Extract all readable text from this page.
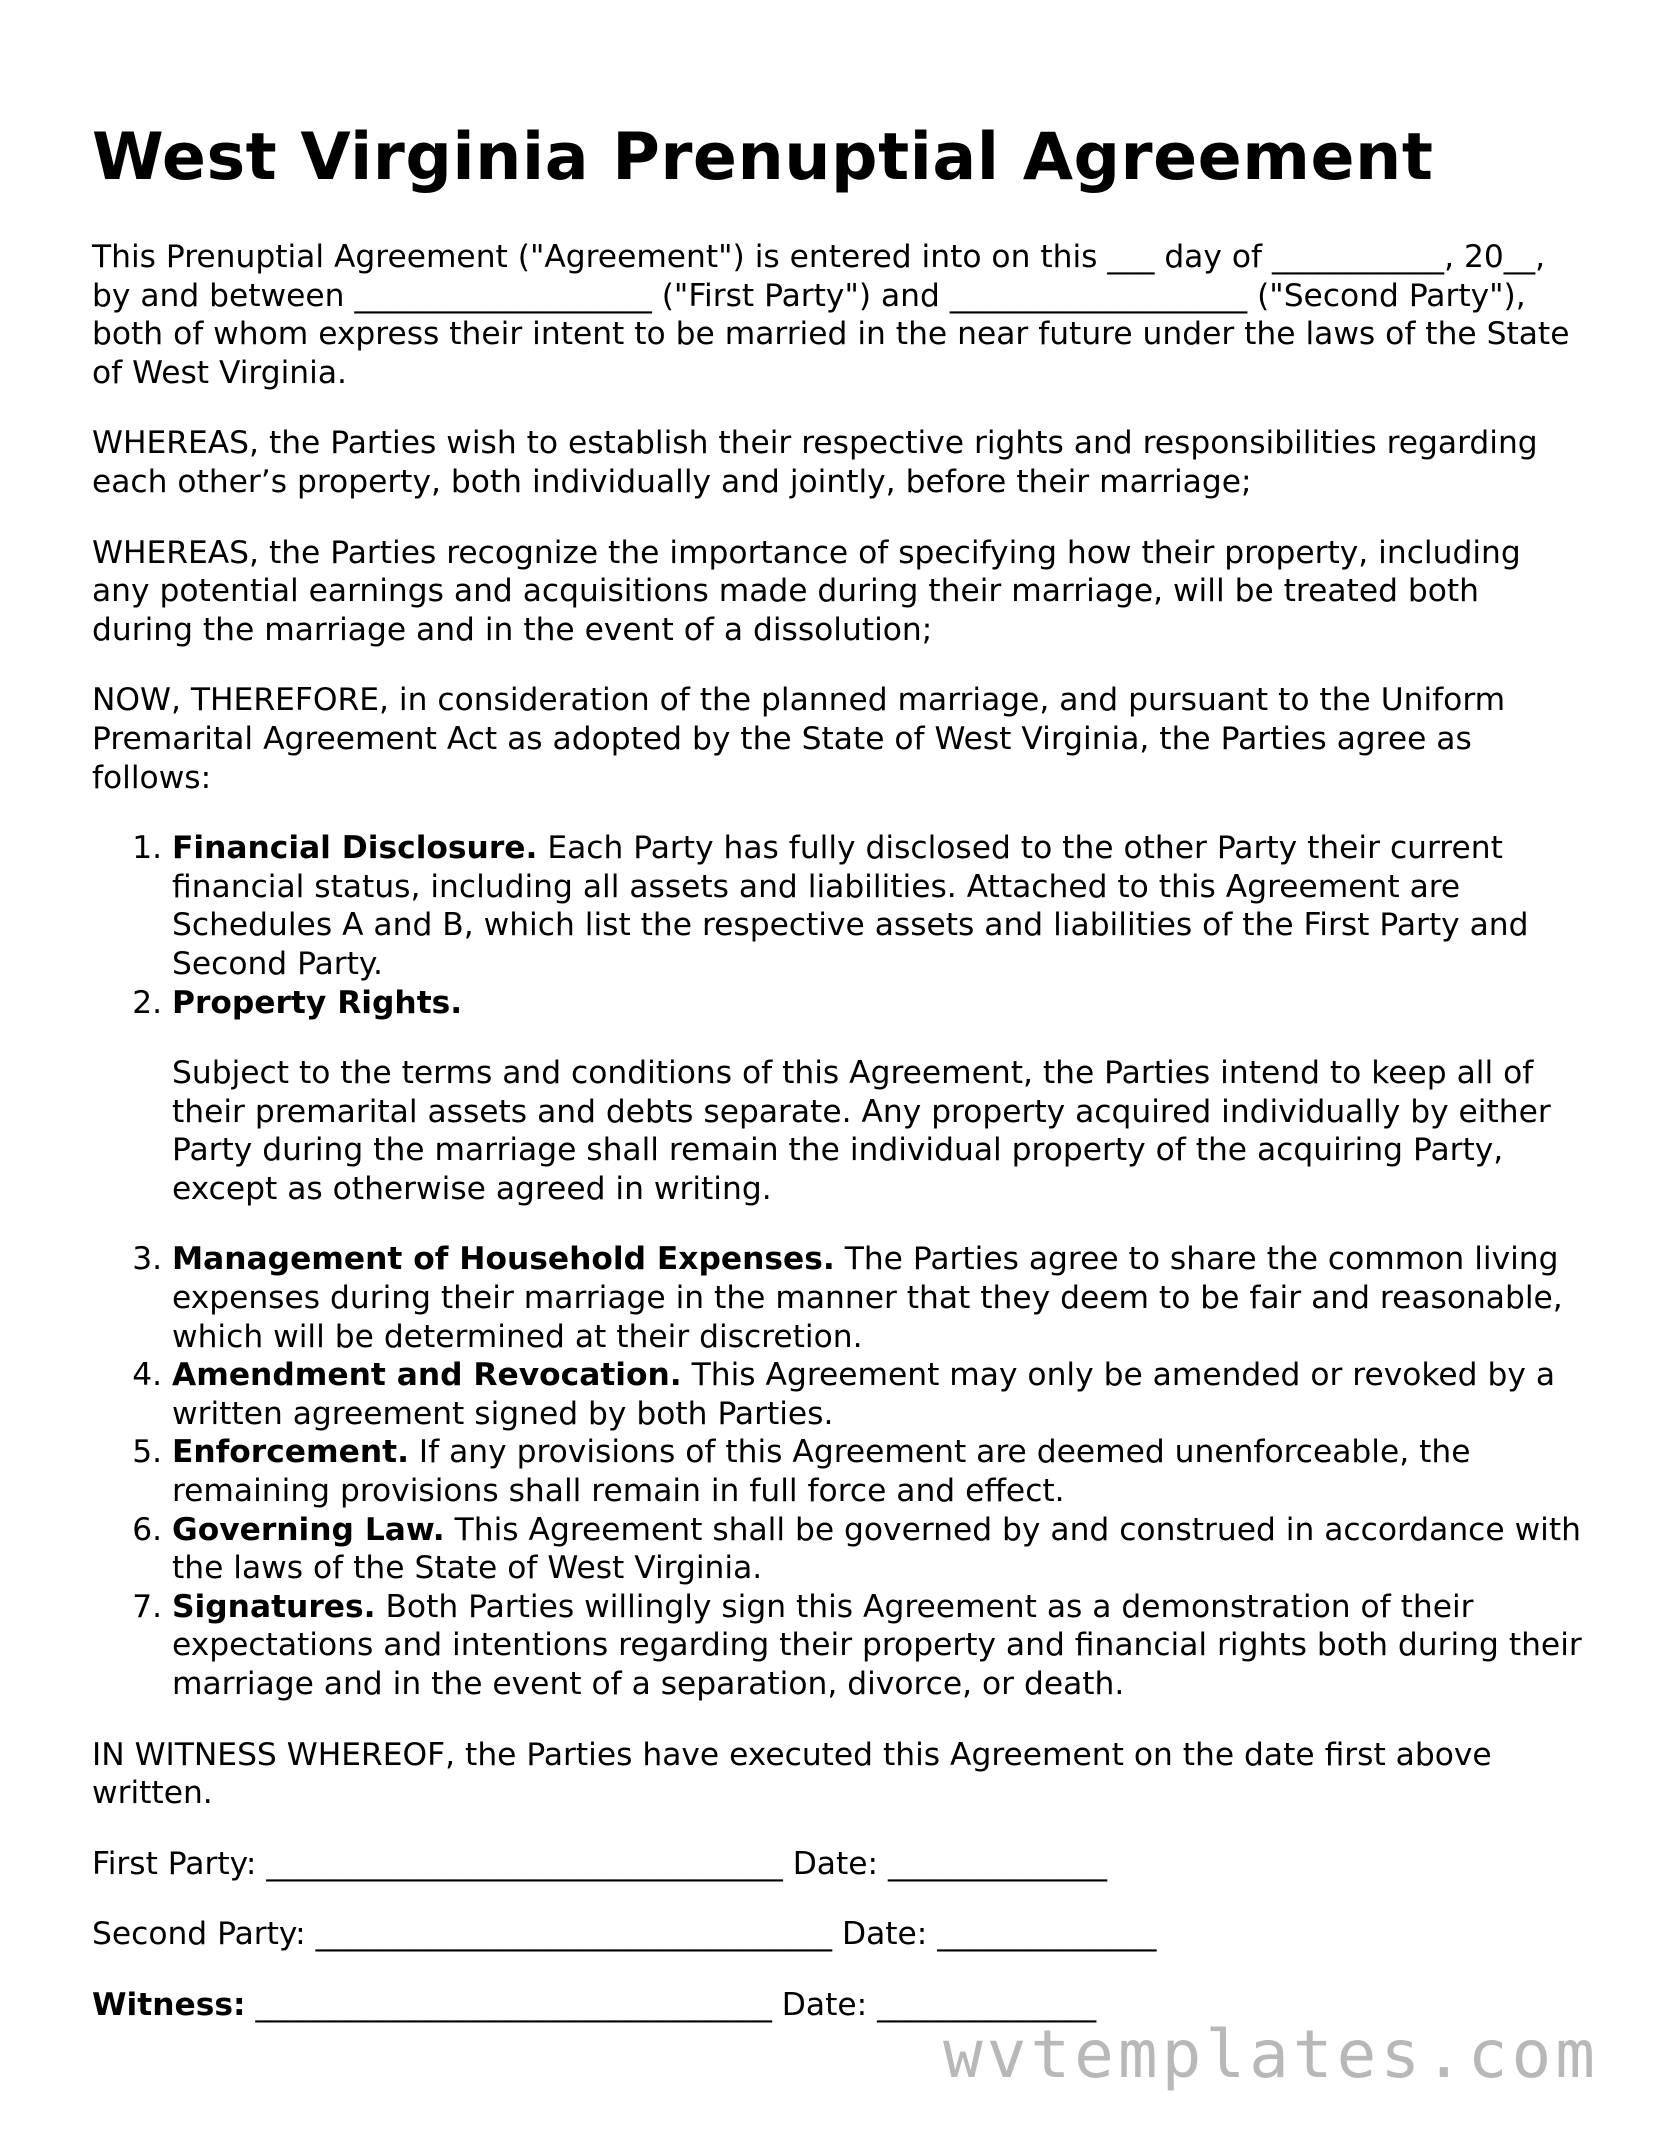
West Virginia Prenuptial Agreement

This Prenuptial Agreement ("Agreement") is entered into on this ___ day of ___________, 20__, by and between ___________________ ("First Party") and ___________________ ("Second Party"), both of whom express their intent to be married in the near future under the laws of the State of West Virginia.

WHEREAS, the Parties wish to establish their respective rights and responsibilities regarding each other’s property, both individually and jointly, before their marriage;

WHEREAS, the Parties recognize the importance of specifying how their property, including any potential earnings and acquisitions made during their marriage, will be treated both during the marriage and in the event of a dissolution;

NOW, THEREFORE, in consideration of the planned marriage, and pursuant to the Uniform Premarital Agreement Act as adopted by the State of West Virginia, the Parties agree as follows:

1. Financial Disclosure. Each Party has fully disclosed to the other Party their current financial status, including all assets and liabilities. Attached to this Agreement are Schedules A and B, which list the respective assets and liabilities of the First Party and Second Party.
2. Property Rights.
Subject to the terms and conditions of this Agreement, the Parties intend to keep all of their premarital assets and debts separate. Any property acquired individually by either Party during the marriage shall remain the individual property of the acquiring Party, except as otherwise agreed in writing.
3. Management of Household Expenses. The Parties agree to share the common living expenses during their marriage in the manner that they deem to be fair and reasonable, which will be determined at their discretion.
4. Amendment and Revocation. This Agreement may only be amended or revoked by a written agreement signed by both Parties.
5. Enforcement. If any provisions of this Agreement are deemed unenforceable, the remaining provisions shall remain in full force and effect.
6. Governing Law. This Agreement shall be governed by and construed in accordance with the laws of the State of West Virginia.
7. Signatures. Both Parties willingly sign this Agreement as a demonstration of their expectations and intentions regarding their property and financial rights both during their marriage and in the event of a separation, divorce, or death.

IN WITNESS WHEREOF, the Parties have executed this Agreement on the date first above written.

First Party: _________________________________ Date: ______________
Second Party: _________________________________ Date: ______________
Witness: _________________________________ Date: ______________
wvtemplates.com
